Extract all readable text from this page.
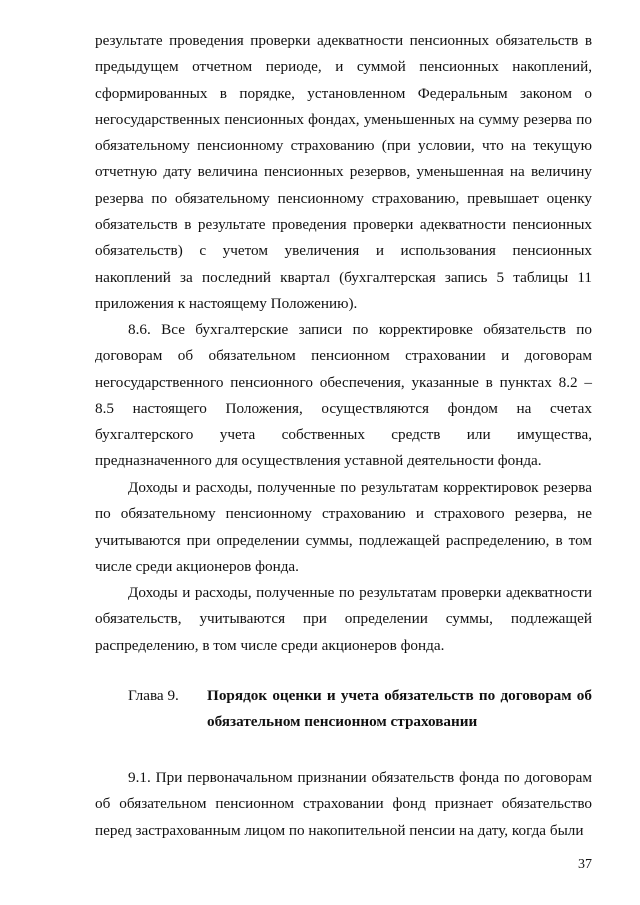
результате проведения проверки адекватности пенсионных обязательств в предыдущем отчетном периоде, и суммой пенсионных накоплений, сформированных в порядке, установленном Федеральным законом о негосударственных пенсионных фондах, уменьшенных на сумму резерва по обязательному пенсионному страхованию (при условии, что на текущую отчетную дату величина пенсионных резервов, уменьшенная на величину резерва по обязательному пенсионному страхованию, превышает оценку обязательств в результате проведения проверки адекватности пенсионных обязательств) с учетом увеличения и использования пенсионных накоплений за последний квартал (бухгалтерская запись 5 таблицы 11 приложения к настоящему Положению).

8.6. Все бухгалтерские записи по корректировке обязательств по договорам об обязательном пенсионном страховании и договорам негосударственного пенсионного обеспечения, указанные в пунктах 8.2 – 8.5 настоящего Положения, осуществляются фондом на счетах бухгалтерского учета собственных средств или имущества, предназначенного для осуществления уставной деятельности фонда.

Доходы и расходы, полученные по результатам корректировок резерва по обязательному пенсионному страхованию и страхового резерва, не учитываются при определении суммы, подлежащей распределению, в том числе среди акционеров фонда.

Доходы и расходы, полученные по результатам проверки адекватности обязательств, учитываются при определении суммы, подлежащей распределению, в том числе среди акционеров фонда.

Глава 9. Порядок оценки и учета обязательств по договорам об обязательном пенсионном страховании

9.1. При первоначальном признании обязательств фонда по договорам об обязательном пенсионном страховании фонд признает обязательство перед застрахованным лицом по накопительной пенсии на дату, когда были

37
